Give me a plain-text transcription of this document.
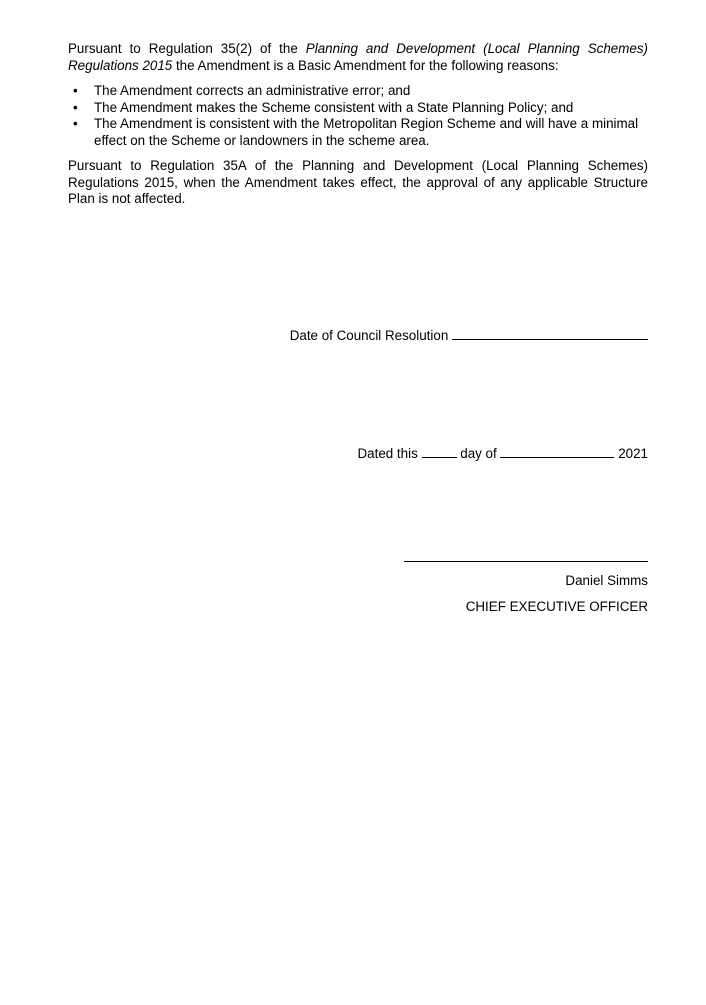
Pursuant to Regulation 35(2) of the Planning and Development (Local Planning Schemes) Regulations 2015 the Amendment is a Basic Amendment for the following reasons:

• The Amendment corrects an administrative error; and
• The Amendment makes the Scheme consistent with a State Planning Policy; and
• The Amendment is consistent with the Metropolitan Region Scheme and will have a minimal effect on the Scheme or landowners in the scheme area.

Pursuant to Regulation 35A of the Planning and Development (Local Planning Schemes) Regulations 2015, when the Amendment takes effect, the approval of any applicable Structure Plan is not affected.

Date of Council Resolution
Dated this	day of	2021
Daniel Simms
CHIEF EXECUTIVE OFFICER
